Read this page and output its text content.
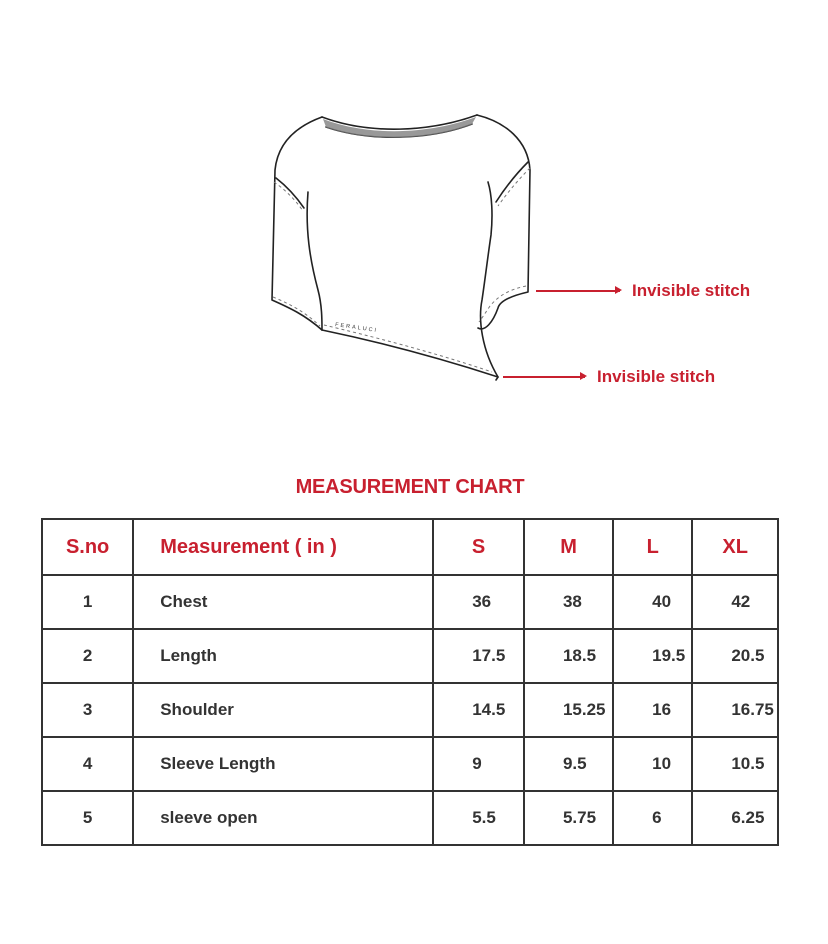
FERALUCI
Invisible stitch
Invisible stitch
MEASUREMENT CHART
S.no	Measurement ( in )	S	M	L	XL
1	Chest	36	38	40	42
2	Length	17.5	18.5	19.5	20.5
3	Shoulder	14.5	15.25	16	16.75
4	Sleeve Length	9	9.5	10	10.5
5	sleeve open	5.5	5.75	6	6.25
